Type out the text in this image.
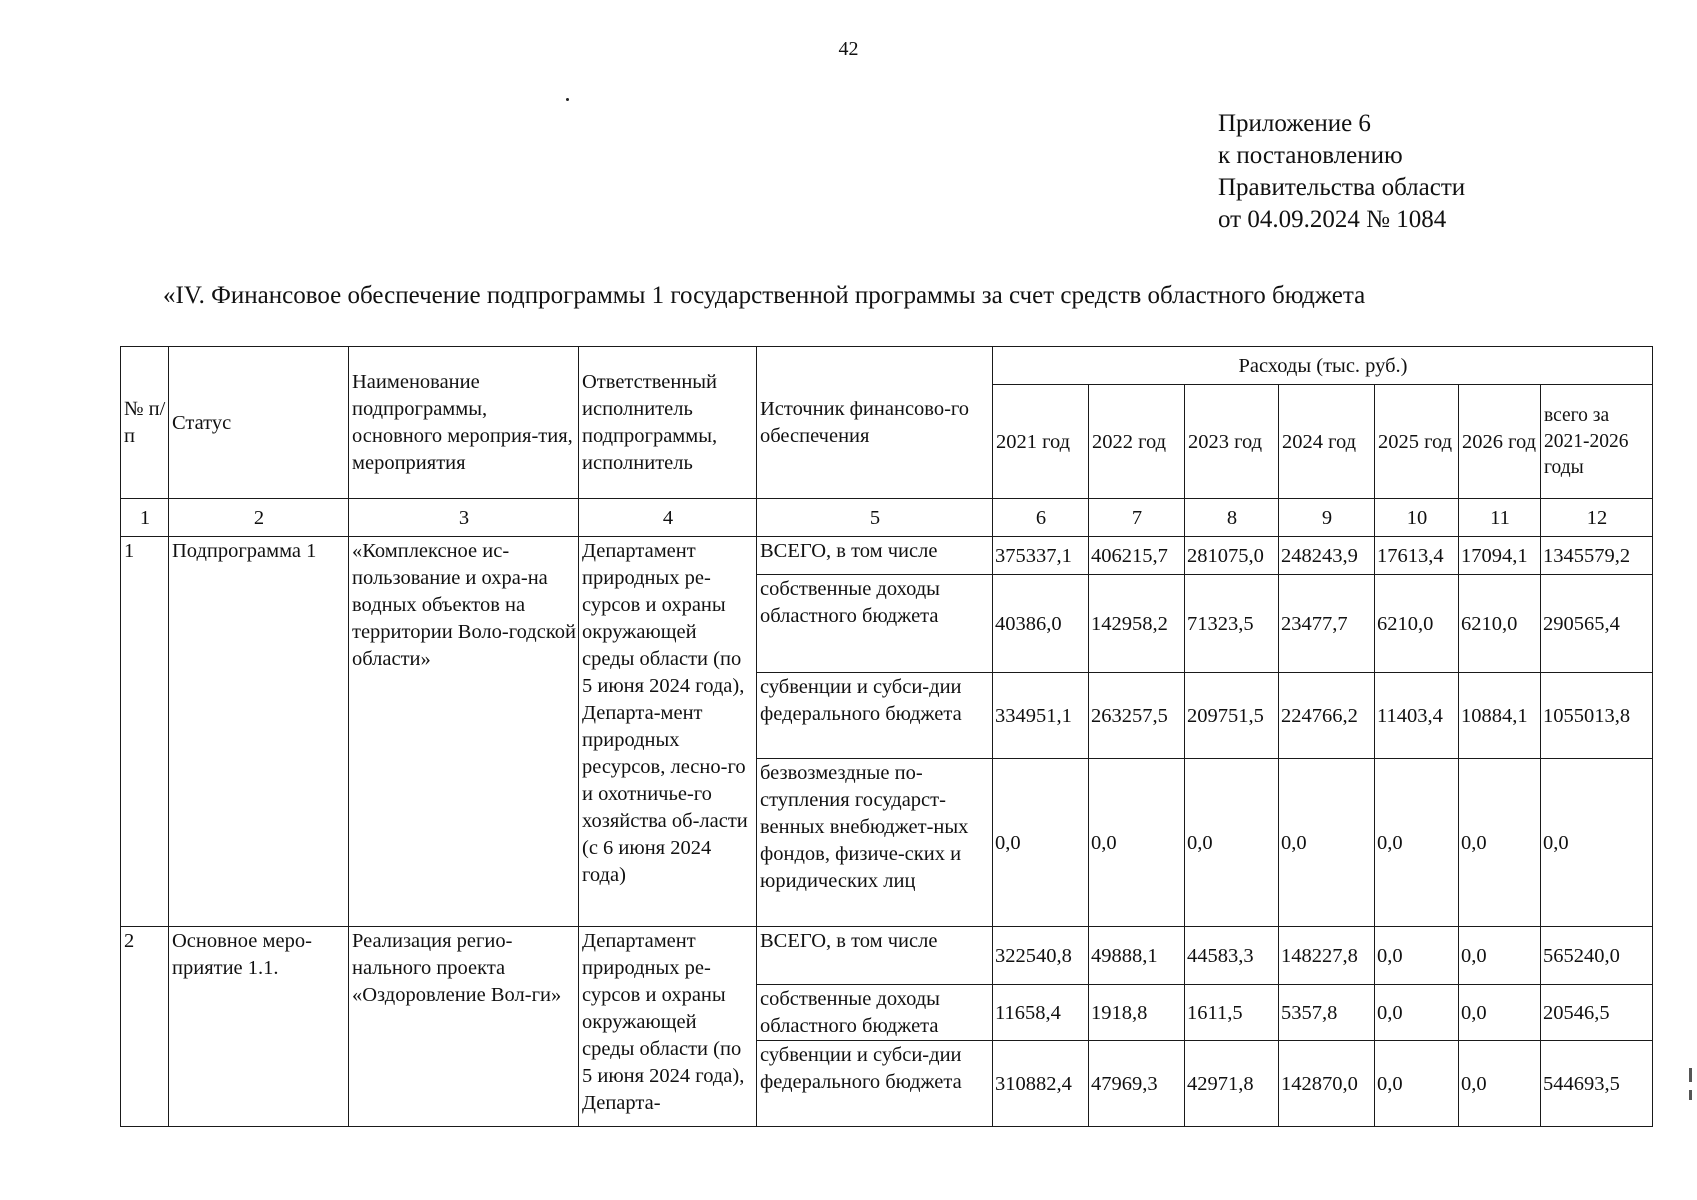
42
Приложение 6
к постановлению
Правительства области
от 04.09.2024 № 1084
«IV. Финансовое обеспечение подпрограммы 1 государственной программы за счет средств областного бюджета
№ п/п	Статус	Наименование подпрограммы, основного мероприя-тия, мероприятия	Ответственный исполнитель подпрограммы, исполнитель	Источник финансово-го обеспечения	Расходы (тыс. руб.)						
					2021 год	2022 год	2023 год	2024 год	2025 год	2026 год	всего за 2021-2026 годы
1	2	3	4	5	6	7	8	9	10	11	12
1	Подпрограмма 1	«Комплексное ис-пользование и охра-на водных объектов на территории Воло-годской области»	Департамент природных ре-сурсов и охраны окружающей среды области (по 5 июня 2024 года), Департа-мент природных ресурсов, лесно-го и охотничье-го хозяйства об-ласти (с 6 июня 2024 года)	ВСЕГО, в том числе	375337,1	406215,7	281075,0	248243,9	17613,4	17094,1	1345579,2
				собственные доходы областного бюджета	40386,0	142958,2	71323,5	23477,7	6210,0	6210,0	290565,4
				субвенции и субси-дии федерального бюджета	334951,1	263257,5	209751,5	224766,2	11403,4	10884,1	1055013,8
				безвозмездные по-ступления государст-венных внебюджет-ных фондов, физиче-ских и юридических лиц	0,0	0,0	0,0	0,0	0,0	0,0	0,0
2	Основное меро-приятие 1.1.	Реализация регио-нального проекта «Оздоровление Вол-ги»	Департамент природных ре-сурсов и охраны окружающей среды области (по 5 июня 2024 года), Департа-	ВСЕГО, в том числе	322540,8	49888,1	44583,3	148227,8	0,0	0,0	565240,0
				собственные доходы областного бюджета	11658,4	1918,8	1611,5	5357,8	0,0	0,0	20546,5
				субвенции и субси-дии федерального бюджета	310882,4	47969,3	42971,8	142870,0	0,0	0,0	544693,5
